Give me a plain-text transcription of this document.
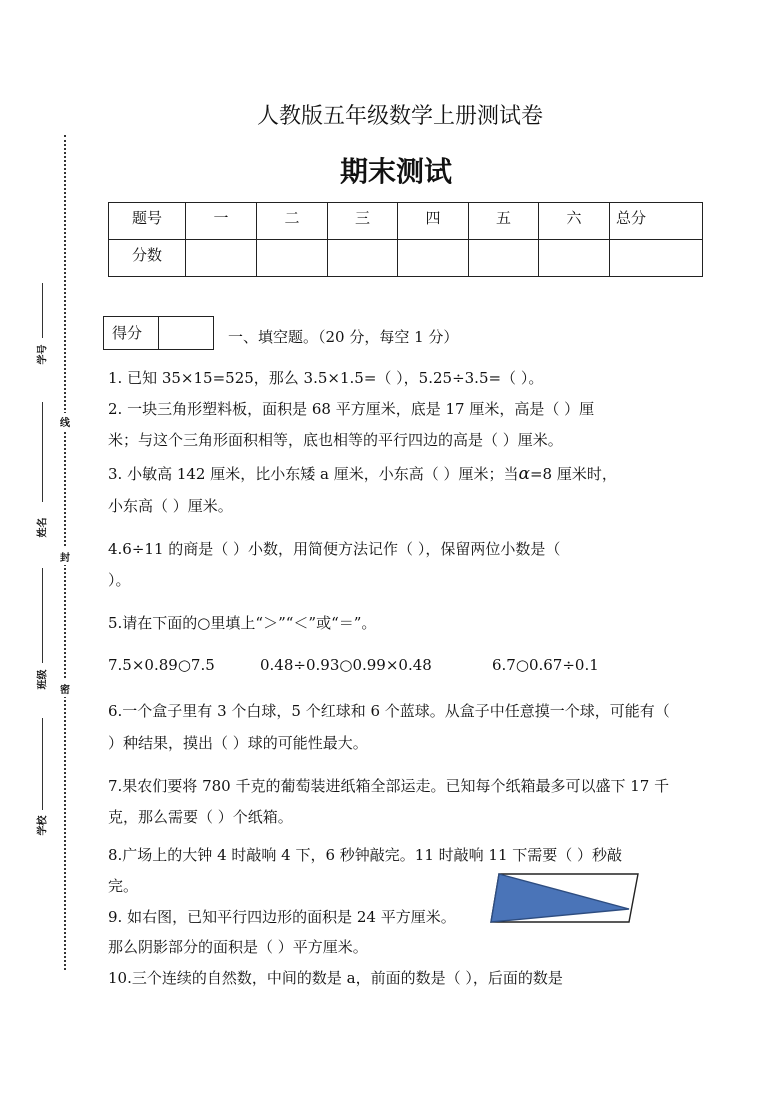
人教版五年级数学上册测试卷
期末测试
题号	一	二	三	四	五	六	总分
分数							
学号
姓名
班级
学校
线
封
密
得分	一、填空题。（20 分，每空 1 分）
1. 已知 35×15=525，那么 3.5×1.5=（ ），5.25÷3.5=（ ）。
2. 一块三角形塑料板，面积是 68 平方厘米，底是 17 厘米，高是（ ）厘
米；与这个三角形面积相等，底也相等的平行四边的高是（ ）厘米。
3. 小敏高 142 厘米，比小东矮 a 厘米，小东高（ ）厘米；当α=8 厘米时，
小东高（ ）厘米。
4.6÷11 的商是（ ）小数，用简便方法记作（ ），保留两位小数是（
）。
5.请在下面的○里填上“＞”“＜”或“＝”。
7.5×0.89○7.5	0.48÷0.93○0.99×0.48	6.7○0.67÷0.1
6.一个盒子里有 3 个白球，5 个红球和 6 个蓝球。从盒子中任意摸一个球，可能有（
）种结果，摸出（ ）球的可能性最大。
7.果农们要将 780 千克的葡萄装进纸箱全部运走。已知每个纸箱最多可以盛下 17 千
克，那么需要（ ）个纸箱。
8.广场上的大钟 4 时敲响 4 下，6 秒钟敲完。11 时敲响 11 下需要（ ）秒敲
完。
9. 如右图，已知平行四边形的面积是 24 平方厘米。
那么阴影部分的面积是（ ）平方厘米。
10.三个连续的自然数，中间的数是 a，前面的数是（ ），后面的数是
